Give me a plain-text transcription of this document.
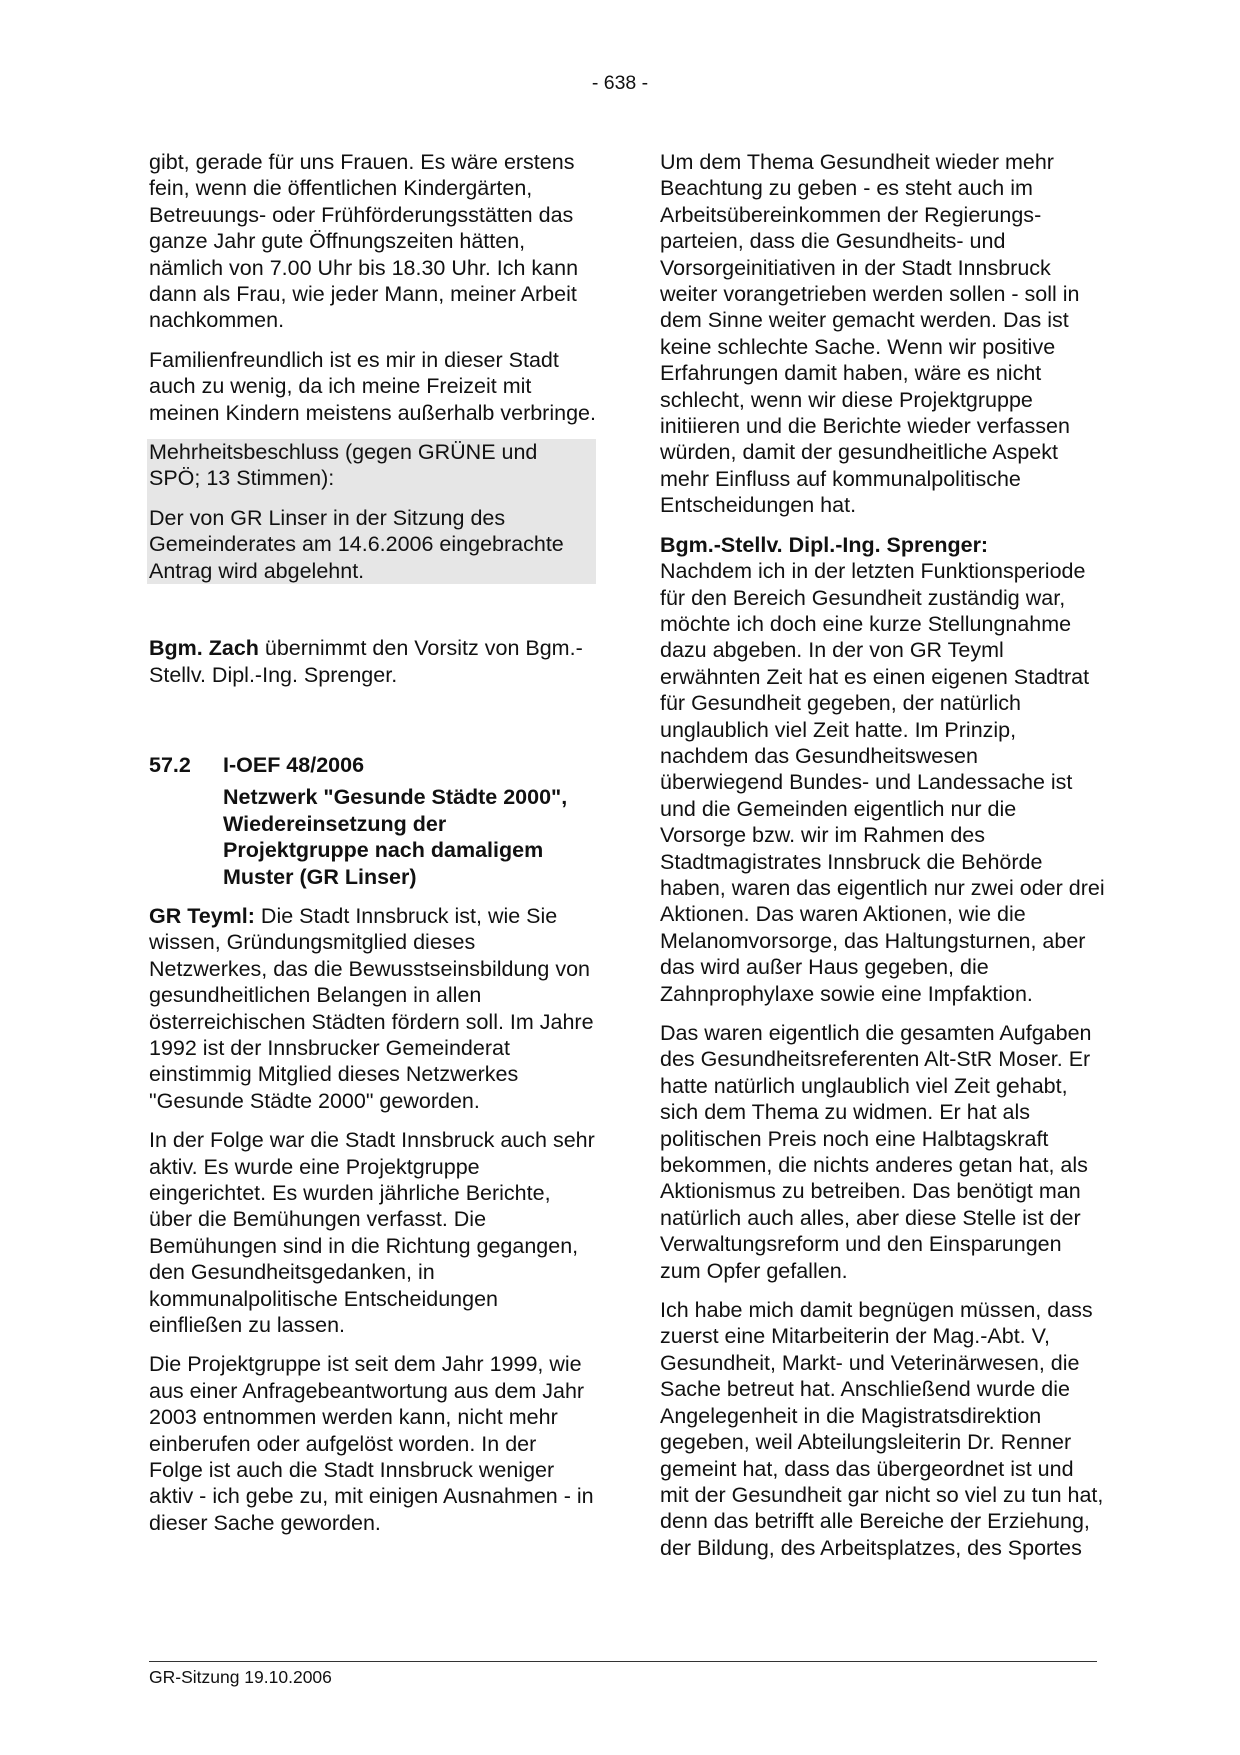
- 638 -

gibt, gerade für uns Frauen. Es wäre erstens fein, wenn die öffentlichen Kindergärten, Betreuungs- oder Frühförderungsstätten das ganze Jahr gute Öffnungszeiten hätten, nämlich von 7.00 Uhr bis 18.30 Uhr. Ich kann dann als Frau, wie jeder Mann, meiner Arbeit nachkommen.

Familienfreundlich ist es mir in dieser Stadt auch zu wenig, da ich meine Freizeit mit meinen Kindern meistens außerhalb verbringe.

Mehrheitsbeschluss (gegen GRÜNE und SPÖ; 13 Stimmen):

Der von GR Linser in der Sitzung des Gemeinderates am 14.6.2006 eingebrachte Antrag wird abgelehnt.

Bgm. Zach übernimmt den Vorsitz von Bgm.-Stellv. Dipl.-Ing. Sprenger.

57.2	I-OEF 48/2006
Netzwerk "Gesunde Städte 2000", Wiedereinsetzung der Projektgruppe nach damaligem Muster (GR Linser)

GR Teyml: Die Stadt Innsbruck ist, wie Sie wissen, Gründungsmitglied dieses Netzwerkes, das die Bewusstseinsbildung von gesundheitlichen Belangen in allen österreichischen Städten fördern soll. Im Jahre 1992 ist der Innsbrucker Gemeinderat einstimmig Mitglied dieses Netzwerkes "Gesunde Städte 2000" geworden.

In der Folge war die Stadt Innsbruck auch sehr aktiv. Es wurde eine Projektgruppe eingerichtet. Es wurden jährliche Berichte, über die Bemühungen verfasst. Die Bemühungen sind in die Richtung gegangen, den Gesundheitsgedanken, in kommunalpolitische Entscheidungen einfließen zu lassen.

Die Projektgruppe ist seit dem Jahr 1999, wie aus einer Anfragebeantwortung aus dem Jahr 2003 entnommen werden kann, nicht mehr einberufen oder aufgelöst worden. In der Folge ist auch die Stadt Innsbruck weniger aktiv - ich gebe zu, mit einigen Ausnahmen - in dieser Sache geworden.

Um dem Thema Gesundheit wieder mehr Beachtung zu geben - es steht auch im Arbeitsübereinkommen der Regierungsparteien, dass die Gesundheits- und Vorsorgeinitiativen in der Stadt Innsbruck weiter vorangetrieben werden sollen - soll in dem Sinne weiter gemacht werden. Das ist keine schlechte Sache. Wenn wir positive Erfahrungen damit haben, wäre es nicht schlecht, wenn wir diese Projektgruppe initiieren und die Berichte wieder verfassen würden, damit der gesundheitliche Aspekt mehr Einfluss auf kommunalpolitische Entscheidungen hat.

Bgm.-Stellv. Dipl.-Ing. Sprenger:
Nachdem ich in der letzten Funktionsperiode für den Bereich Gesundheit zuständig war, möchte ich doch eine kurze Stellungnahme dazu abgeben. In der von GR Teyml erwähnten Zeit hat es einen eigenen Stadtrat für Gesundheit gegeben, der natürlich unglaublich viel Zeit hatte. Im Prinzip, nachdem das Gesundheitswesen überwiegend Bundes- und Landessache ist und die Gemeinden eigentlich nur die Vorsorge bzw. wir im Rahmen des Stadtmagistrates Innsbruck die Behörde haben, waren das eigentlich nur zwei oder drei Aktionen. Das waren Aktionen, wie die Melanomvorsorge, das Haltungsturnen, aber das wird außer Haus gegeben, die Zahnprophylaxe sowie eine Impfaktion.

Das waren eigentlich die gesamten Aufgaben des Gesundheitsreferenten Alt-StR Moser. Er hatte natürlich unglaublich viel Zeit gehabt, sich dem Thema zu widmen. Er hat als politischen Preis noch eine Halbtagskraft bekommen, die nichts anderes getan hat, als Aktionismus zu betreiben. Das benötigt man natürlich auch alles, aber diese Stelle ist der Verwaltungsreform und den Einsparungen zum Opfer gefallen.

Ich habe mich damit begnügen müssen, dass zuerst eine Mitarbeiterin der Mag.-Abt. V, Gesundheit, Markt- und Veterinärwesen, die Sache betreut hat. Anschließend wurde die Angelegenheit in die Magistratsdirektion gegeben, weil Abteilungsleiterin Dr. Renner gemeint hat, dass das übergeordnet ist und mit der Gesundheit gar nicht so viel zu tun hat, denn das betrifft alle Bereiche der Erziehung, der Bildung, des Arbeitsplatzes, des Sportes

GR-Sitzung 19.10.2006
